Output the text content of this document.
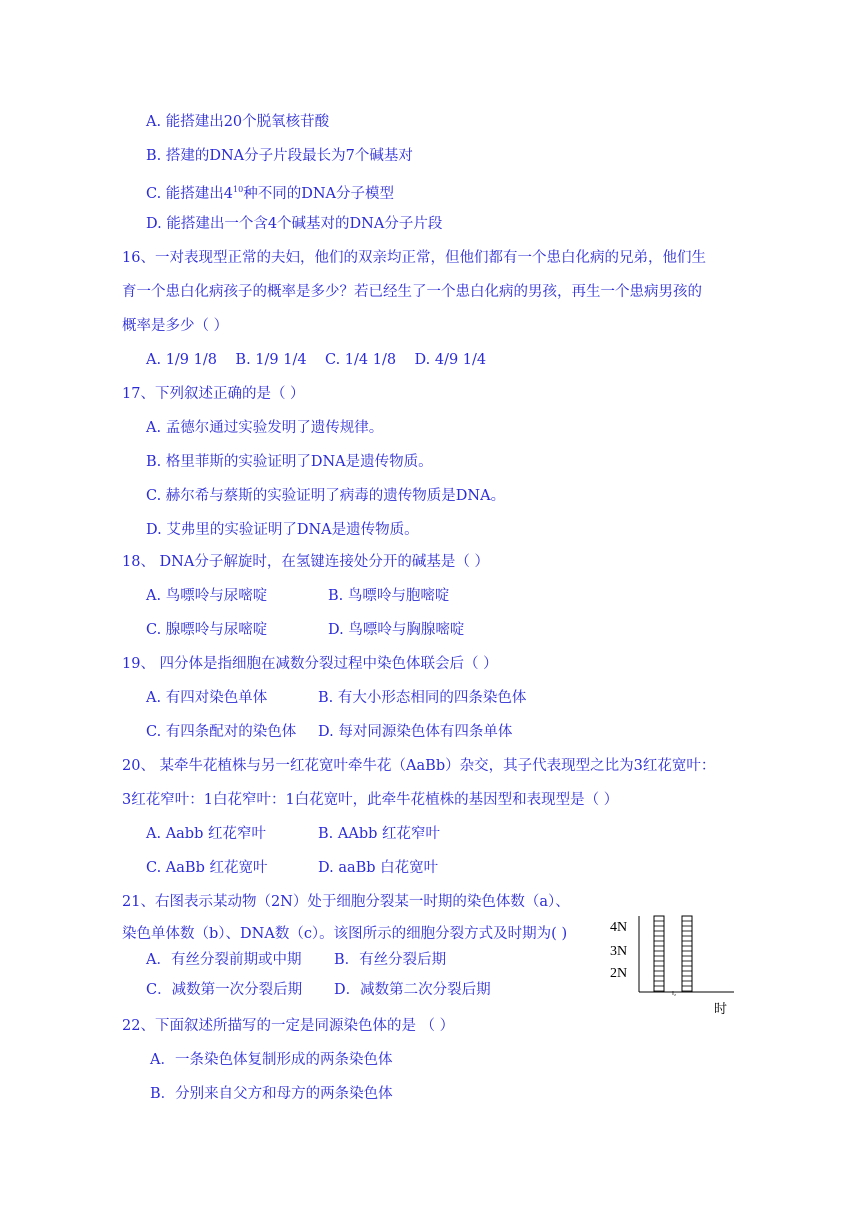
A. 能搭建出20个脱氧核苷酸
B. 搭建的DNA分子片段最长为7个碱基对
C. 能搭建出$4^{10}$种不同的DNA分子模型
D. 能搭建出一个含4个碱基对的DNA分子片段
16、一对表现型正常的夫妇，他们的双亲均正常，但他们都有一个患白化病的兄弟，他们生
育一个患白化病孩子的概率是多少？若已经生了一个患白化病的男孩，再生一个患病男孩的
概率是多少（ ）
A. 1/9 1/8    B. 1/9 1/4    C. 1/4 1/8    D. 4/9 1/4
17、下列叙述正确的是（ ）
A. 孟德尔通过实验发明了遗传规律。
B. 格里菲斯的实验证明了DNA是遗传物质。
C. 赫尔希与蔡斯的实验证明了病毒的遗传物质是DNA。
D. 艾弗里的实验证明了DNA是遗传物质。
18、 DNA分子解旋时，在氢键连接处分开的碱基是（ ）
A. 鸟嘌呤与尿嘧啶	B. 鸟嘌呤与胞嘧啶
C. 腺嘌呤与尿嘧啶	D. 鸟嘌呤与胸腺嘧啶
19、 四分体是指细胞在减数分裂过程中染色体联会后（ ）
A. 有四对染色单体	B. 有大小形态相同的四条染色体
C. 有四条配对的染色体 D. 每对同源染色体有四条单体
20、 某牵牛花植株与另一红花宽叶牵牛花（AaBb）杂交，其子代表现型之比为3红花宽叶：
3红花窄叶：1白花窄叶：1白花宽叶，此牵牛花植株的基因型和表现型是（ ）
A. Aabb 红花窄叶	B. AAbb 红花窄叶
C. AaBb 红花宽叶	D. aaBb 白花宽叶
21、右图表示某动物（2N）处于细胞分裂某一时期的染色体数（a）、
染色单体数（b）、DNA数（c）。该图所示的细胞分裂方式及时期为( )
A．有丝分裂前期或中期 B．有丝分裂后期
C．减数第一次分裂后期 D．减数第二次分裂后期
4N
3N
2N
ı,
时
22、下面叙述所描写的一定是同源染色体的是 （ ）
A．一条染色体复制形成的两条染色体
B．分别来自父方和母方的两条染色体
